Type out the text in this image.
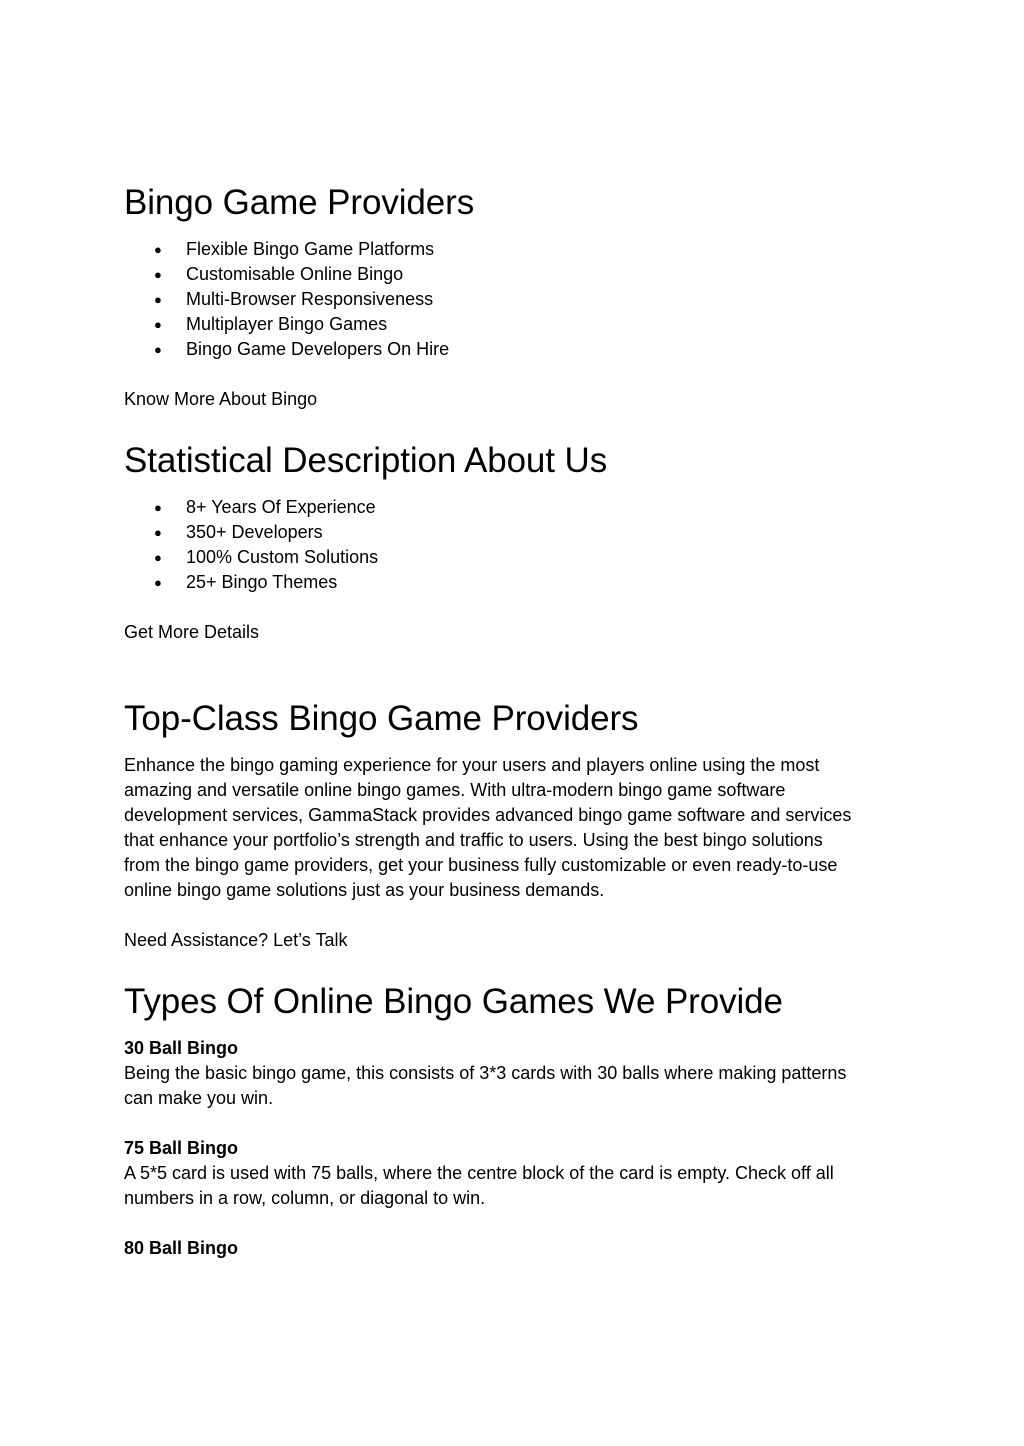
Bingo Game Providers
● Flexible Bingo Game Platforms
● Customisable Online Bingo
● Multi-Browser Responsiveness
● Multiplayer Bingo Games
● Bingo Game Developers On Hire

Know More About Bingo

Statistical Description About Us
● 8+ Years Of Experience
● 350+ Developers
● 100% Custom Solutions
● 25+ Bingo Themes

Get More Details

Top-Class Bingo Game Providers

Enhance the bingo gaming experience for your users and players online using the most

amazing and versatile online bingo games. With ultra-modern bingo game software

development services, GammaStack provides advanced bingo game software and services

that enhance your portfolio’s strength and traffic to users. Using the best bingo solutions

from the bingo game providers, get your business fully customizable or even ready-to-use

online bingo game solutions just as your business demands.

Need Assistance? Let’s Talk

Types Of Online Bingo Games We Provide

30 Ball Bingo

Being the basic bingo game, this consists of 3*3 cards with 30 balls where making patterns

can make you win.

75 Ball Bingo

A 5*5 card is used with 75 balls, where the centre block of the card is empty. Check off all

numbers in a row, column, or diagonal to win.

80 Ball Bingo
